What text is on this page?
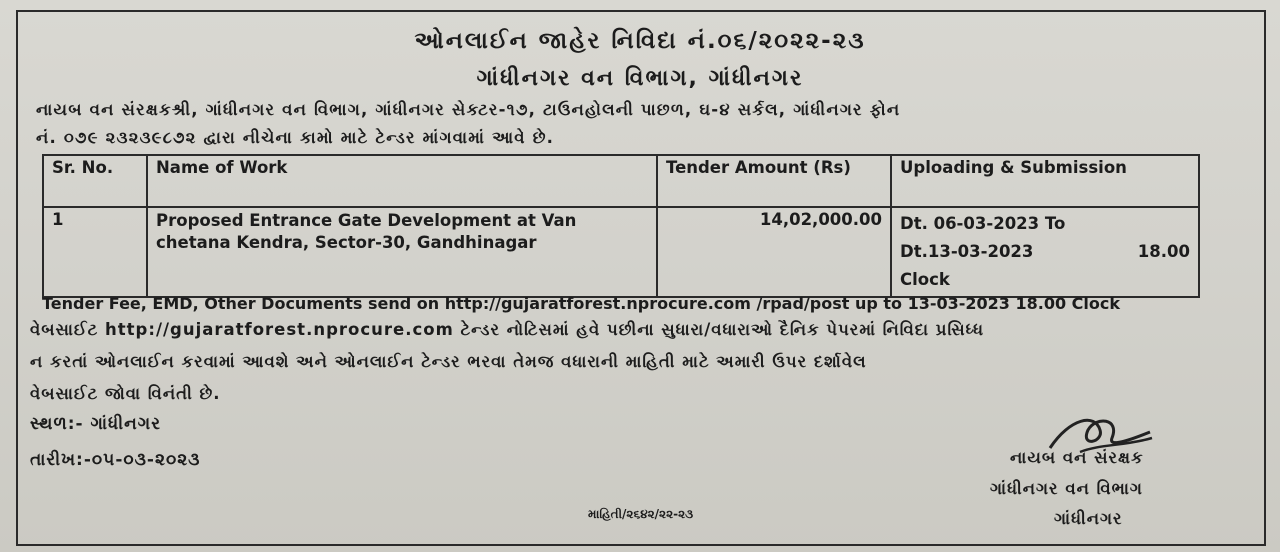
ઓનલાઈન જાહેર નિવિદા નં.૦૬/૨૦૨૨-૨૩
ગાંધીનગર વન વિભાગ, ગાંધીનગર
નાયબ વન સંરક્ષકશ્રી, ગાંધીનગર વન વિભાગ, ગાંધીનગર સેક્ટર-૧૭, ટાઉનહોલની પાછળ, ઘ-૪ સર્કલ, ગાંધીનગર ફોન
નં. ૦૭૯ ૨૩૨૩૯૮૭૨ દ્વારા નીચેના કામો માટે ટેન્ડર માંગવામાં આવે છે.
Sr. No.	Name of Work	Tender Amount (Rs)	Uploading & Submission
1	Proposed Entrance Gate Development at Van chetana Kendra, Sector-30, Gandhinagar	14,02,000.00	Dt. 06-03-2023 To
Dt.13-03-2023 18.00
Clock
Tender Fee, EMD, Other Documents send on http://gujaratforest.nprocure.com /rpad/post up to 13-03-2023 18.00 Clock
વેબસાઈટ http://gujaratforest.nprocure.com ટેન્ડર નોટિસમાં હવે પછીના સુધારા/વધારાઓ દૈનિક પેપરમાં નિવિદા પ્રસિધ્ધ
ન કરતાં ઓનલાઈન કરવામાં આવશે અને ઓનલાઈન ટેન્ડર ભરવા તેમજ વધારાની માહિતી માટે અમારી ઉપર દર્શાવેલ
વેબસાઈટ જોવા વિનંતી છે.
સ્થળ:- ગાંધીનગર
તારીખ:-૦૫-૦૩-૨૦૨૩
માહિતી/૨૬૪૨/૨૨-૨૩
નાયબ વન સંરક્ષક
ગાંધીનગર વન વિભાગ
ગાંધીનગર
